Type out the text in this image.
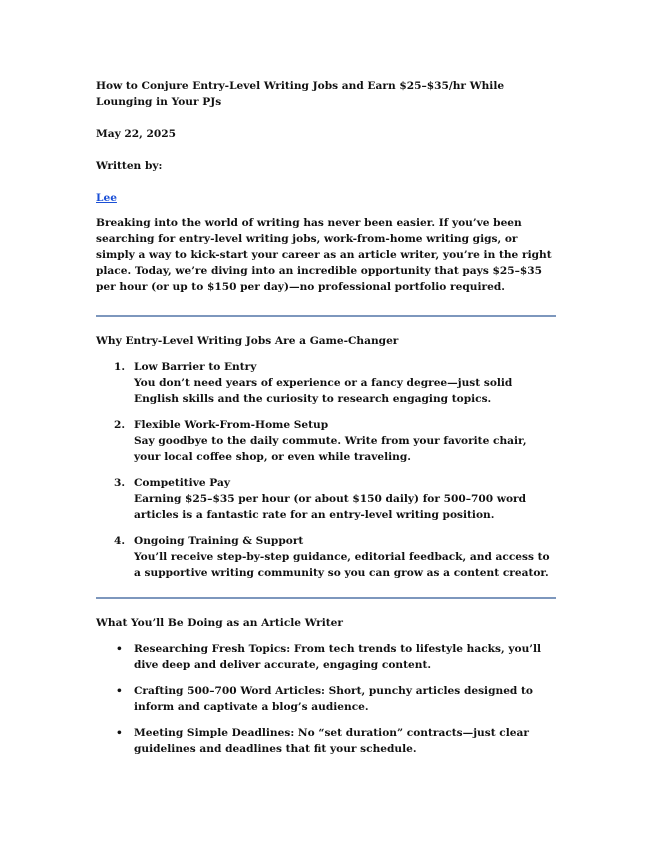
How to Conjure Entry-Level Writing Jobs and Earn $25–$35/hr While Lounging in Your PJs

May 22, 2025

Written by:

Lee

Breaking into the world of writing has never been easier. If you’ve been searching for entry-level writing jobs, work-from-home writing gigs, or simply a way to kick-start your career as an article writer, you’re in the right place. Today, we’re diving into an incredible opportunity that pays $25–$35 per hour (or up to $150 per day)—no professional portfolio required.

Why Entry-Level Writing Jobs Are a Game-Changer

1. Low Barrier to Entry
You don’t need years of experience or a fancy degree—just solid English skills and the curiosity to research engaging topics.
2. Flexible Work-From-Home Setup
Say goodbye to the daily commute. Write from your favorite chair, your local coffee shop, or even while traveling.
3. Competitive Pay
Earning $25–$35 per hour (or about $150 daily) for 500–700 word articles is a fantastic rate for an entry-level writing position.
4. Ongoing Training & Support
You’ll receive step-by-step guidance, editorial feedback, and access to a supportive writing community so you can grow as a content creator.

What You’ll Be Doing as an Article Writer

• Researching Fresh Topics: From tech trends to lifestyle hacks, you’ll dive deep and deliver accurate, engaging content.
• Crafting 500–700 Word Articles: Short, punchy articles designed to inform and captivate a blog’s audience.
• Meeting Simple Deadlines: No “set duration” contracts—just clear guidelines and deadlines that fit your schedule.
